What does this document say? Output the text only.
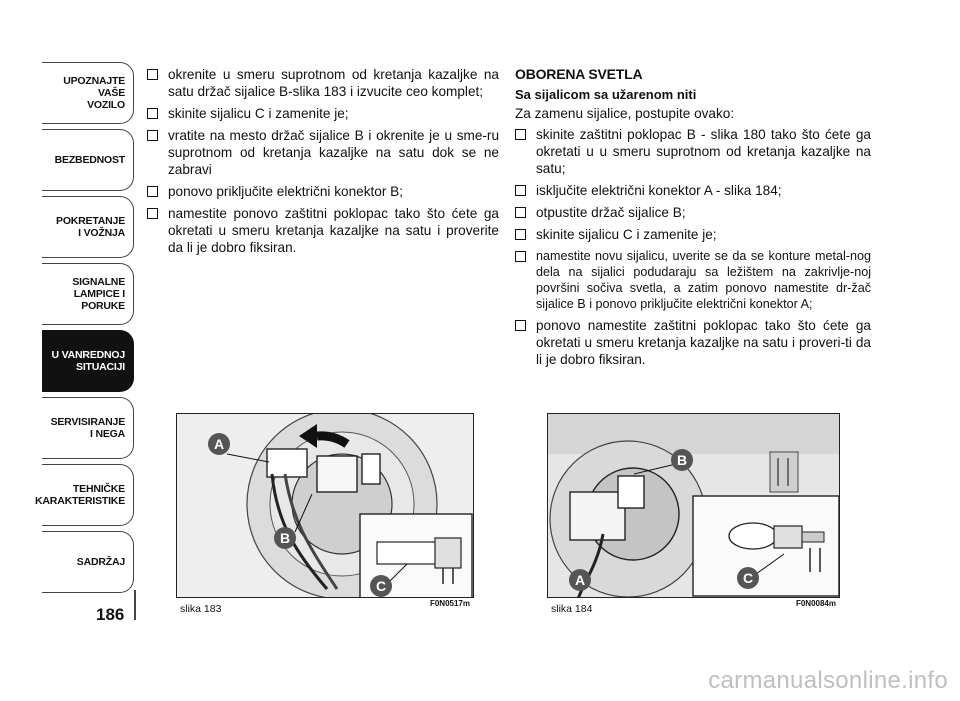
UPOZNAJTE
VAŠE
VOZILO
BEZBEDNOST
POKRETANJE
I VOŽNJA
SIGNALNE
LAMPICE I PORUKE
U VANREDNOJ
SITUACIJI
SERVISIRANJE
I NEGA
TEHNIČKE
KARAKTERISTIKE
SADRŽAJ
186
okrenite u smeru suprotnom od kretanja kazaljke na satu držač sijalice B-slika 183 i izvucite ceo komplet;
skinite sijalicu C i zamenite je;
vratite na mesto držač sijalice B i okrenite je u sme-ru suprotnom od kretanja kazaljke na satu dok se ne zabravi
ponovo priključite električni konektor B;
namestite ponovo zaštitni poklopac tako što ćete ga okretati u smeru kretanja kazaljke na satu i proverite da li je dobro fiksiran.
OBORENA SVETLA
Sa sijalicom sa užarenom niti
Za zamenu sijalice, postupite ovako:
skinite zaštitni poklopac B - slika 180 tako što ćete ga okretati u u smeru suprotnom od kretanja kazaljke na satu;
isključite električni konektor A - slika 184;
otpustite držač sijalice B;
skinite sijalicu C i zamenite je;
namestite novu sijalicu, uverite se da se konture metal-nog dela na sijalici podudaraju sa ležištem na zakrivlje-noj površini sočiva svetla, a zatim ponovo namestite dr-žač sijalice B i ponovo priključite električni konektor A;
ponovo namestite zaštitni poklopac tako što ćete ga okretati u smeru kretanja kazaljke na satu i proveri-ti da li je dobro fiksiran.
A
B
C
slika 183	F0N0517m
B
A	C
slika 184	F0N0084m
carmanualsonline.info
